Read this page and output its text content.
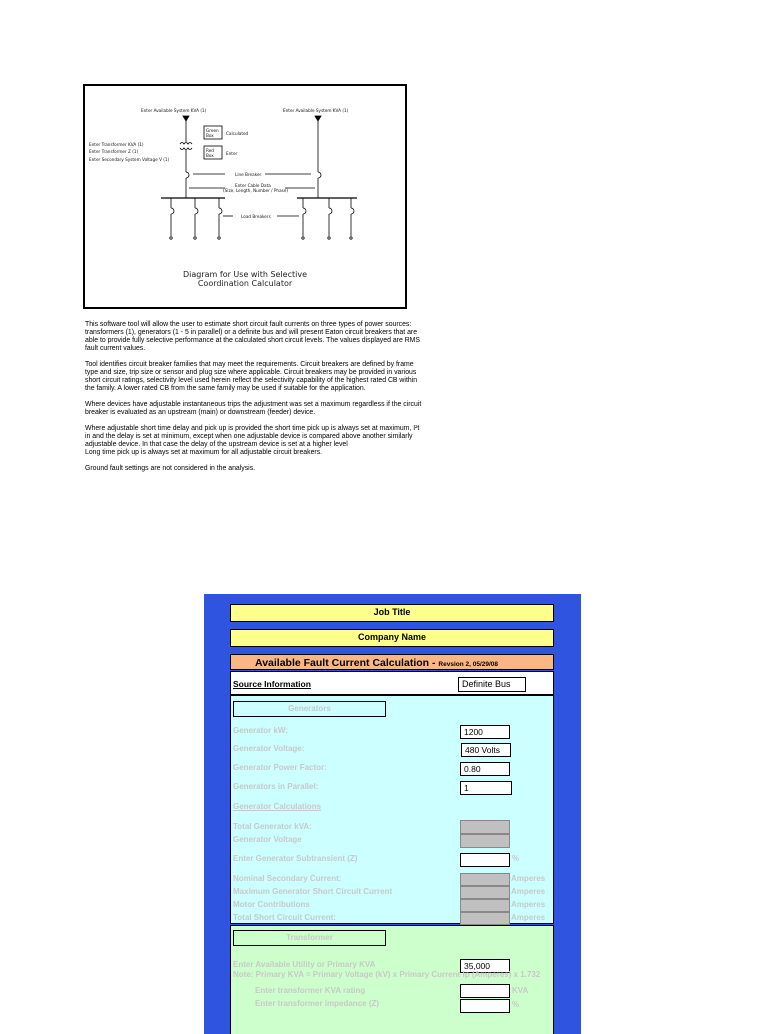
Enter Available System KVA (1)	Enter Available System KVA (1)
Enter Transformer KVA (1)
Enter Transformer Z (1)
Enter Secondary System Voltage V (1)
Green Box	Calculated
Red Box	Enter
Line Breaker
Enter Cable Data
(Size, Length, Number / Phase)
Load Breakers
Diagram for Use with Selective
Coordination Calculator

This software tool will allow the user to estimate short circuit fault currents on three types of power sources: transformers (1), generators (1 - 5 in parallel) or a definite bus and will present Eaton circuit breakers that are able to provide fully selective performance at the calculated short circuit levels. The values displayed are RMS fault current values.

Tool identifies circuit breaker families that may meet the requirements. Circuit breakers are defined by frame type and size, trip size or sensor and plug size where applicable. Circuit breakers may be provided in various short circuit ratings, selectivity level used herein reflect the selectivity capability of the highest rated CB within the family. A lower rated CB from the same family may be used if suitable for the application.

Where devices have adjustable instantaneous trips the adjustment was set a maximum regardless if the circuit breaker is evaluated as an upstream (main) or downstream (feeder) device.

Where adjustable short time delay and pick up is provided the short time pick up is always set at maximum, I²t in and the delay is set at minimum, except when one adjustable device is compared above another similarly adjustable device. In that case the delay of the upstream device is set at a higher level

Long time pick up is always set at maximum for all adjustable circuit breakers.

Ground fault settings are not considered in the analysis.

Job Title
Company Name
Available Fault Current Calculation - Revsion 2, 05/29/08
Source Information	Definite Bus
Generators
Generator kW:	1200
Generator Voltage:	480 Volts
Generator Power Factor:	0.80
Generators in Parallel:	1
Generator Calculations
Total Generator kVA:
Generator Voltage
Enter Generator Subtransient (Z)	%
Nominal Secondary Current:	Amperes
Maximum Generator Short Circuit Current	Amperes
Motor Contributions	Amperes
Total Short Circuit Current:	Amperes
Transformer
Enter Available Utility or Primary KVA	35,000
Note: Primary KVA = Primary Voltage (kV) x Primary Current Ip (Amperes) x 1.732
Enter transformer KVA rating	KVA
Enter transformer impedance (Z)	%
